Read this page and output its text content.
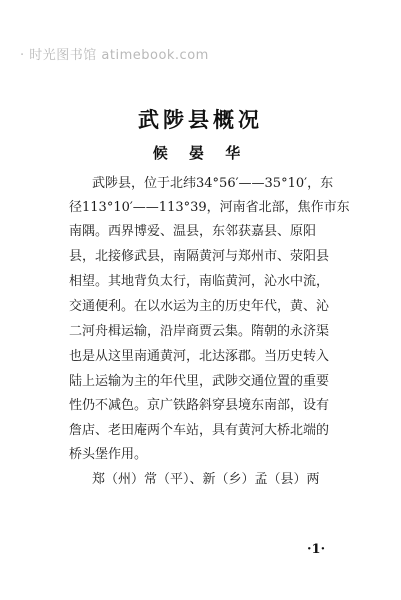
· 时光图书馆 atimebook.com
武陟县概况
候 晏 华
武陟县，位于北纬34°56′——35°10′，东
径113°10′——113°39，河南省北部，焦作市东
南隅。西界博爱、温县，东邻获嘉县、原阳
县，北接修武县，南隔黄河与郑州市、荥阳县
相望。其地背负太行，南临黄河，沁水中流，
交通便利。在以水运为主的历史年代，黄、沁
二河舟楫运输，沿岸商贾云集。隋朝的永济渠
也是从这里南通黄河，北达涿郡。当历史转入
陆上运输为主的年代里，武陟交通位置的重要
性仍不减色。京广铁路斜穿县境东南部，设有
詹店、老田庵两个车站，具有黄河大桥北端的
桥头堡作用。
郑（州）常（平）、新（乡）孟（县）两
·1·
